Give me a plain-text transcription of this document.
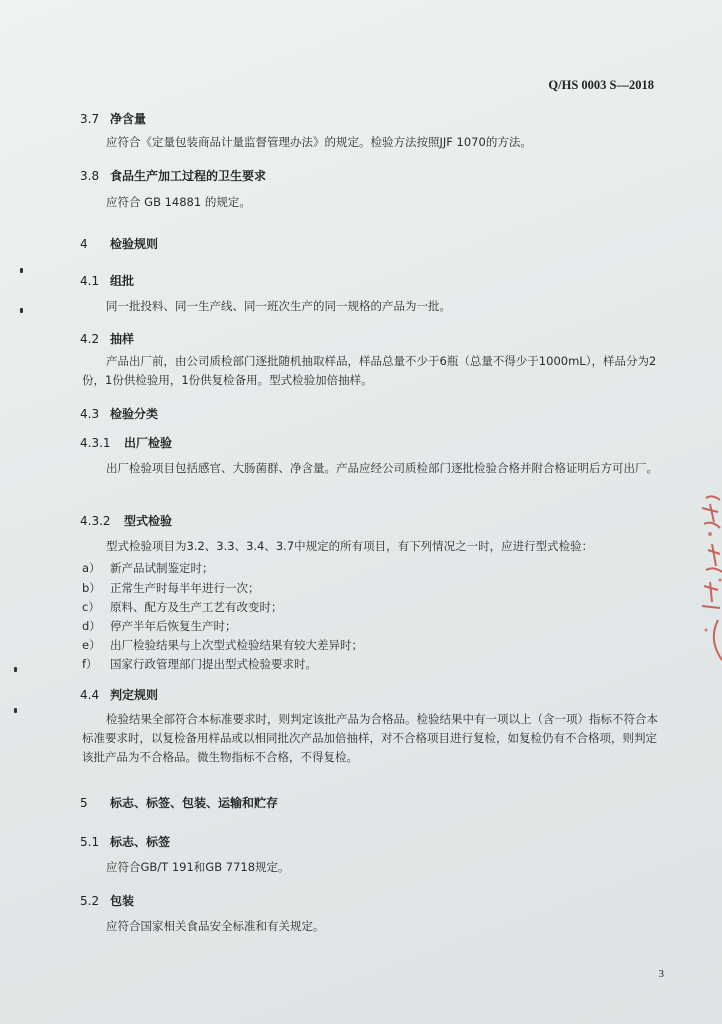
Q/HS 0003 S—2018
3.7 净含量
应符合《定量包装商品计量监督管理办法》的规定。检验方法按照JJF 1070的方法。
3.8 食品生产加工过程的卫生要求
应符合 GB 14881 的规定。
4 检验规则
4.1 组批
同一批投料、同一生产线、同一班次生产的同一规格的产品为一批。
4.2 抽样
产品出厂前，由公司质检部门逐批随机抽取样品，样品总量不少于6瓶（总量不得少于1000mL），样品分为2份，1份供检验用，1份供复检备用。型式检验加倍抽样。
4.3 检验分类
4.3.1 出厂检验
出厂检验项目包括感官、大肠菌群、净含量。产品应经公司质检部门逐批检验合格并附合格证明后方可出厂。
4.3.2 型式检验
型式检验项目为3.2、3.3、3.4、3.7中规定的所有项目，有下列情况之一时，应进行型式检验：
a） 新产品试制鉴定时；
b） 正常生产时每半年进行一次；
c） 原料、配方及生产工艺有改变时；
d） 停产半年后恢复生产时；
e） 出厂检验结果与上次型式检验结果有较大差异时；
f） 国家行政管理部门提出型式检验要求时。
4.4 判定规则
检验结果全部符合本标准要求时，则判定该批产品为合格品。检验结果中有一项以上（含一项）指标不符合本标准要求时，以复检备用样品或以相同批次产品加倍抽样，对不合格项目进行复检，如复检仍有不合格项，则判定该批产品为不合格品。微生物指标不合格，不得复检。
5 标志、标签、包装、运输和贮存
5.1 标志、标签
应符合GB/T 191和GB 7718规定。
5.2 包装
应符合国家相关食品安全标准和有关规定。
3
